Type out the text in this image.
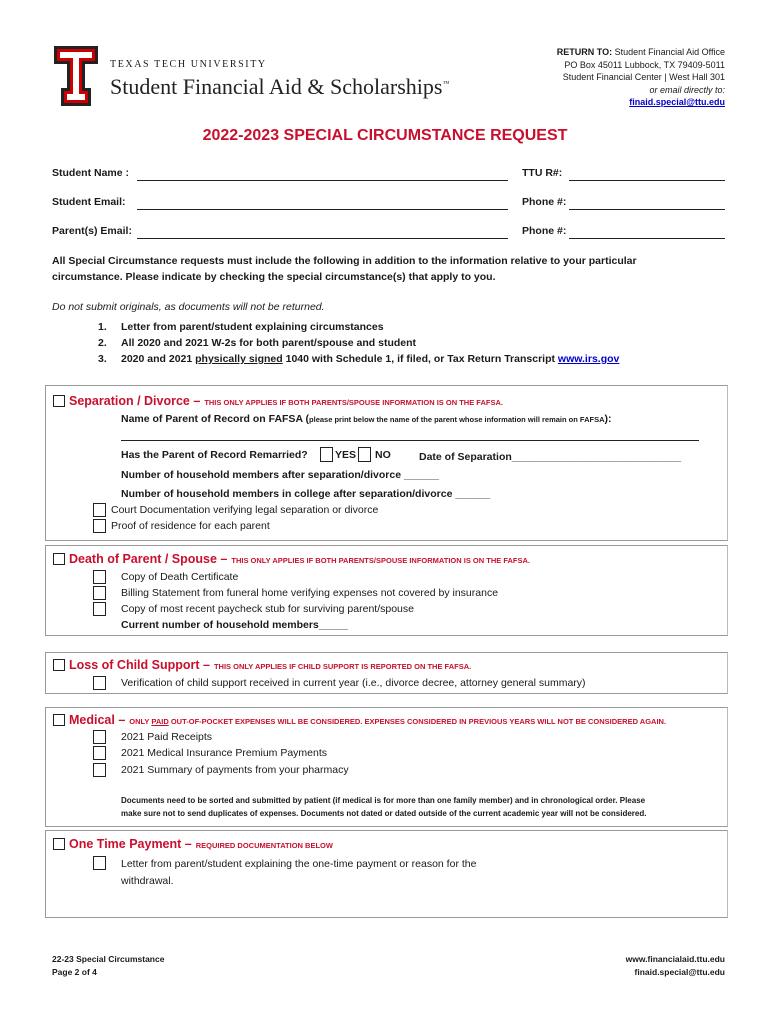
TEXAS TECH UNIVERSITY
Student Financial Aid & Scholarships™
RETURN TO: Student Financial Aid Office
PO Box 45011 Lubbock, TX 79409-5011
Student Financial Center | West Hall 301
or email directly to:
finaid.special@ttu.edu
2022-2023 SPECIAL CIRCUMSTANCE REQUEST
Student Name :	TTU R#:
Student Email:	Phone #:
Parent(s) Email:	Phone #:
All Special Circumstance requests must include the following in addition to the information relative to your particular
circumstance. Please indicate by checking the special circumstance(s) that apply to you.
Do not submit originals, as documents will not be returned.
1. Letter from parent/student explaining circumstances
2. All 2020 and 2021 W-2s for both parent/spouse and student
3. 2020 and 2021 physically signed 1040 with Schedule 1, if filed, or Tax Return Transcript www.irs.gov
Separation / Divorce – THIS ONLY APPLIES IF BOTH PARENTS/SPOUSE INFORMATION IS ON THE FAFSA.
Name of Parent of Record on FAFSA (please print below the name of the parent whose information will remain on FAFSA):
Has the Parent of Record Remarried?	YES NO	Date of Separation_____________________________
Number of household members after separation/divorce ______
Number of household members in college after separation/divorce ______
Court Documentation verifying legal separation or divorce
Proof of residence for each parent
Death of Parent / Spouse – THIS ONLY APPLIES IF BOTH PARENTS/SPOUSE INFORMATION IS ON THE FAFSA.
Copy of Death Certificate
Billing Statement from funeral home verifying expenses not covered by insurance
Copy of most recent paycheck stub for surviving parent/spouse
Current number of household members_____
Loss of Child Support – THIS ONLY APPLIES IF CHILD SUPPORT IS REPORTED ON THE FAFSA.
Verification of child support received in current year (i.e., divorce decree, attorney general summary)
Medical – ONLY PAID OUT-OF-POCKET EXPENSES WILL BE CONSIDERED. EXPENSES CONSIDERED IN PREVIOUS YEARS WILL NOT BE CONSIDERED AGAIN.
2021 Paid Receipts
2021 Medical Insurance Premium Payments
2021 Summary of payments from your pharmacy
Documents need to be sorted and submitted by patient (if medical is for more than one family member) and in chronological order. Please
make sure not to send duplicates of expenses. Documents not dated or dated outside of the current academic year will not be considered.
One Time Payment – REQUIRED DOCUMENTATION BELOW
Letter from parent/student explaining the one-time payment or reason for the
withdrawal.
22-23 Special Circumstance
Page 2 of 4
www.financialaid.ttu.edu
finaid.special@ttu.edu
